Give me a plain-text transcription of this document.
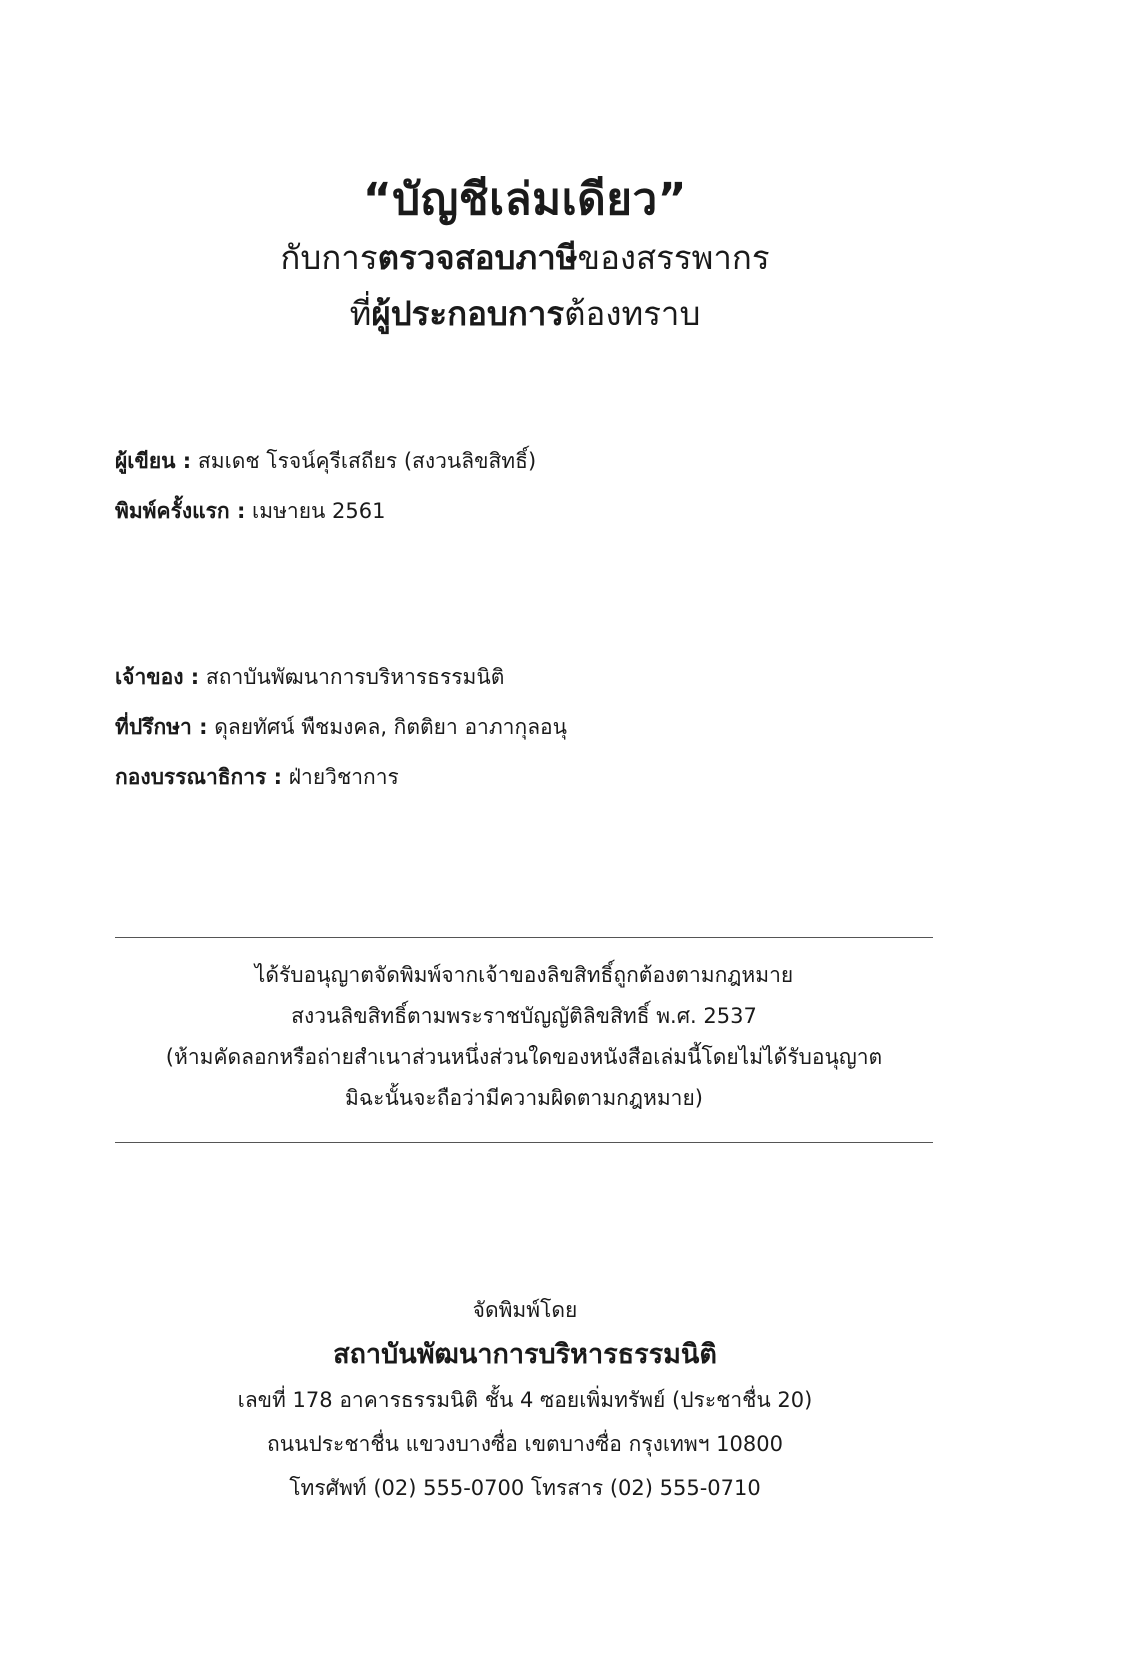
“บัญชีเล่มเดียว”
กับการตรวจสอบภาษีของสรรพากร
ที่ผู้ประกอบการต้องทราบ
ผู้เขียน : สมเดช โรจน์คุรีเสถียร (สงวนลิขสิทธิ์)
พิมพ์ครั้งแรก : เมษายน 2561
เจ้าของ : สถาบันพัฒนาการบริหารธรรมนิติ
ที่ปรึกษา : ดุลยทัศน์ พืชมงคล, กิตติยา อาภากุลอนุ
กองบรรณาธิการ : ฝ่ายวิชาการ
ได้รับอนุญาตจัดพิมพ์จากเจ้าของลิขสิทธิ์ถูกต้องตามกฎหมาย
สงวนลิขสิทธิ์ตามพระราชบัญญัติลิขสิทธิ์ พ.ศ. 2537
(ห้ามคัดลอกหรือถ่ายสำเนาส่วนหนึ่งส่วนใดของหนังสือเล่มนี้โดยไม่ได้รับอนุญาต
มิฉะนั้นจะถือว่ามีความผิดตามกฎหมาย)
จัดพิมพ์โดย
สถาบันพัฒนาการบริหารธรรมนิติ
เลขที่ 178 อาคารธรรมนิติ ชั้น 4 ซอยเพิ่มทรัพย์ (ประชาชื่น 20)
ถนนประชาชื่น แขวงบางซื่อ เขตบางซื่อ กรุงเทพฯ 10800
โทรศัพท์ (02) 555-0700 โทรสาร (02) 555-0710
